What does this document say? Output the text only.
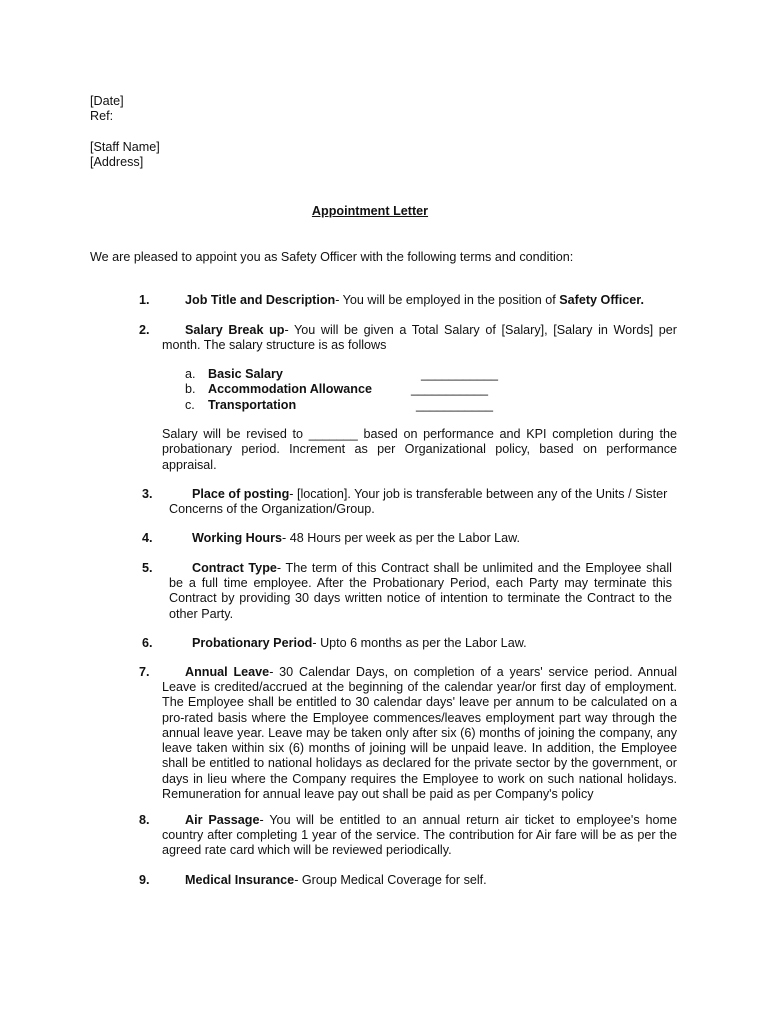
[Date]
Ref:
[Staff Name]
[Address]
Appointment Letter
We are pleased to appoint you as Safety Officer with the following terms and condition:
1.	Job Title and Description- You will be employed in the position of Safety Officer.
2.	Salary Break up- You will be given a Total Salary of [Salary], [Salary in Words] per
month. The salary structure is as follows
a. Basic Salary	___________
b. Accommodation Allowance	___________
c. Transportation	___________
Salary will be revised to _______ based on performance and KPI completion during the
probationary period. Increment as per Organizational policy, based on performance
appraisal.
3.	Place of posting- [location]. Your job is transferable between any of the Units / Sister
Concerns of the Organization/Group.
4.	Working Hours- 48 Hours per week as per the Labor Law.
5.	Contract Type- The term of this Contract shall be unlimited and the Employee shall
be a full time employee. After the Probationary Period, each Party may terminate this
Contract by providing 30 days written notice of intention to terminate the Contract to the
other Party.
6.	Probationary Period- Upto 6 months as per the Labor Law.
7.	Annual Leave- 30 Calendar Days, on completion of a years' service period. Annual
Leave is credited/accrued at the beginning of the calendar year/or first day of employment.
The Employee shall be entitled to 30 calendar days' leave per annum to be calculated on a
pro-rated basis where the Employee commences/leaves employment part way through the
annual leave year. Leave may be taken only after six (6) months of joining the company, any
leave taken within six (6) months of joining will be unpaid leave. In addition, the Employee
shall be entitled to national holidays as declared for the private sector by the government, or
days in lieu where the Company requires the Employee to work on such national holidays.
Remuneration for annual leave pay out shall be paid as per Company's policy
8.	Air Passage- You will be entitled to an annual return air ticket to employee's home
country after completing 1 year of the service. The contribution for Air fare will be as per the
agreed rate card which will be reviewed periodically.
9.	Medical Insurance- Group Medical Coverage for self.
